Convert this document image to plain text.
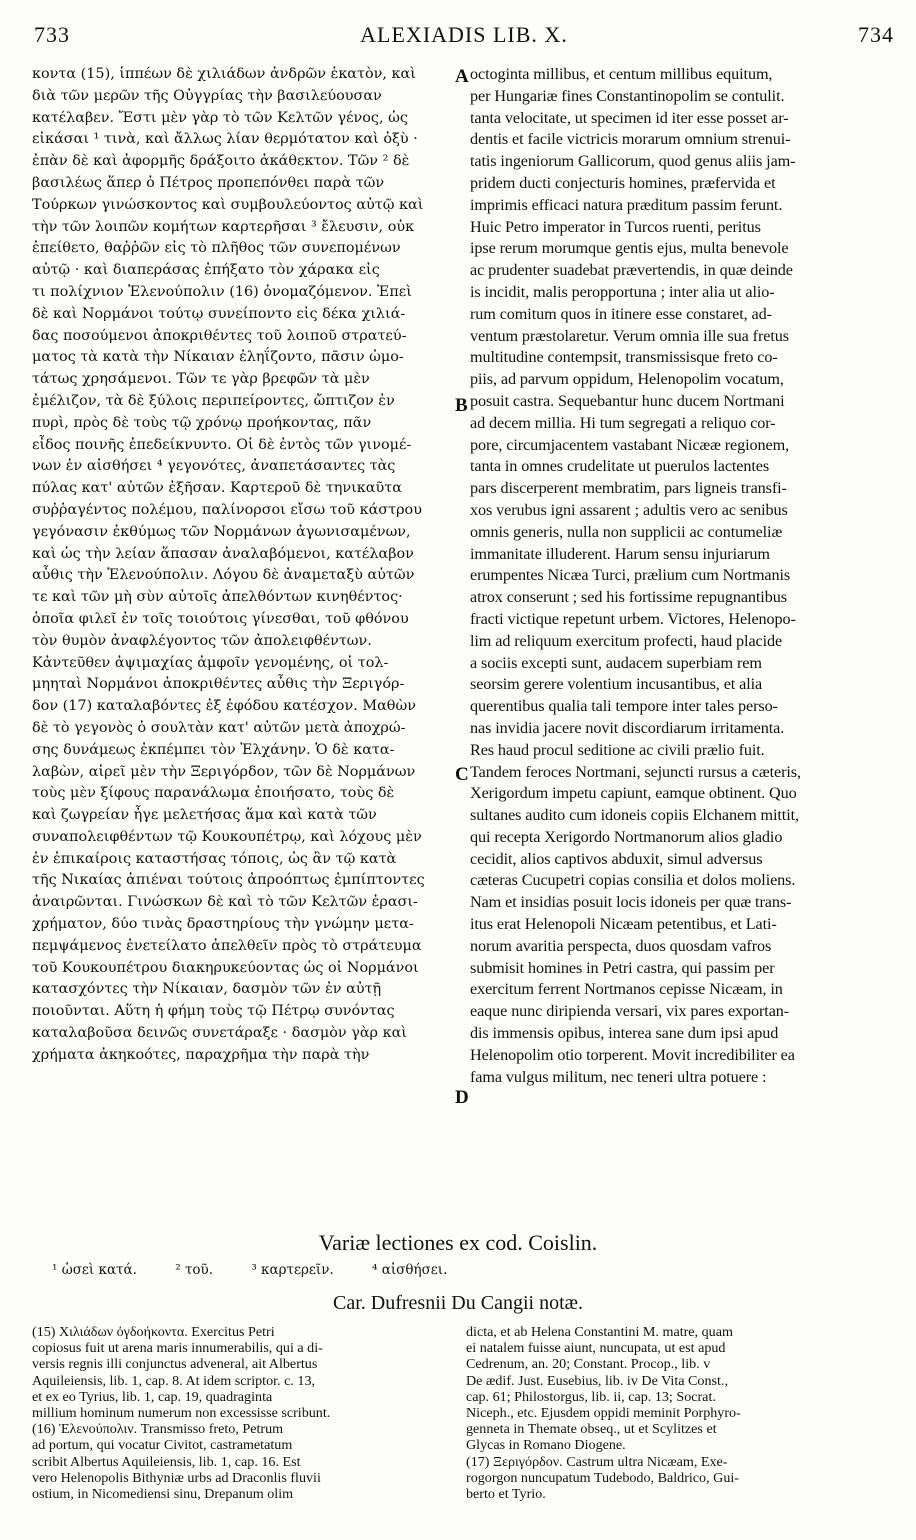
733	ALEXIADIS LIB. X.	734
κοντα (15), ἱππέων δὲ χιλιάδων ἀνδρῶν ἑκατὸν, καὶ
διὰ τῶν μερῶν τῆς Οὐγγρίας τὴν βασιλεύουσαν
κατέλαβεν. Ἔστι μὲν γὰρ τὸ τῶν Κελτῶν γένος, ὡς
εἰκάσαι ¹ τινὰ, καὶ ἄλλως λίαν θερμότατον καὶ ὀξὺ ·
ἐπὰν δὲ καὶ ἀφορμῆς δράξοιτο ἀκάθεκτον. Τῶν ² δὲ
βασιλέως ἅπερ ὁ Πέτρος προπεπόνθει παρὰ τῶν
Τούρκων γινώσκοντος καὶ συμβουλεύοντος αὐτῷ καὶ
τὴν τῶν λοιπῶν κομήτων καρτερῆσαι ³ ἔλευσιν, οὐκ
ἐπείθετο, θαῤῥῶν εἰς τὸ πλῆθος τῶν συνεπομένων
αὐτῷ · καὶ διαπεράσας ἐπήξατο τὸν χάρακα εἰς
τι πολίχνιον Ἑλενούπολιν (16) ὀνομαζόμενον. Ἐπεὶ
δὲ καὶ Νορμάνοι τούτῳ συνείποντο εἰς δέκα χιλιά-
δας ποσούμενοι ἀποκριθέντες τοῦ λοιποῦ στρατεύ-
ματος τὰ κατὰ τὴν Νίκαιαν ἐληΐζοντο, πᾶσιν ὠμο-
τάτως χρησάμενοι. Τῶν τε γὰρ βρεφῶν τὰ μὲν
ἐμέλιζον, τὰ δὲ ξύλοις περιπείροντες, ὤπτιζον ἐν
πυρὶ, πρὸς δὲ τοὺς τῷ χρόνῳ προήκοντας, πᾶν
εἶδος ποινῆς ἐπεδείκνυντο. Οἱ δὲ ἐντὸς τῶν γινομέ-
νων ἐν αἰσθήσει ⁴ γεγονότες, ἀναπετάσαντες τὰς
πύλας κατ' αὐτῶν ἐξῆσαν. Καρτεροῦ δὲ τηνικαῦτα
συῤῥαγέντος πολέμου, παλίνορσοι εἴσω τοῦ κάστρου
γεγόνασιν ἐκθύμως τῶν Νορμάνων ἀγωνισαμένων,
καὶ ὡς τὴν λείαν ἅπασαν ἀναλαβόμενοι, κατέλαβον
αὖθις τὴν Ἑλενούπολιν. Λόγου δὲ ἀναμεταξὺ αὐτῶν
τε καὶ τῶν μὴ σὺν αὐτοῖς ἀπελθόντων κινηθέντος·
ὁποῖα φιλεῖ ἐν τοῖς τοιούτοις γίνεσθαι, τοῦ φθόνου
τὸν θυμὸν ἀναφλέγοντος τῶν ἀπολειφθέντων.
Κἀντεῦθεν ἀψιμαχίας ἀμφοῖν γενομένης, οἱ τολ-
μηηταὶ Νορμάνοι ἀποκριθέντες αὖθις τὴν Ξεριγόρ-
δον (17) καταλαβόντες ἐξ ἐφόδου κατέσχον. Μαθὼν
δὲ τὸ γεγονὸς ὁ σουλτὰν κατ' αὐτῶν μετὰ ἀποχρώ-
σης δυνάμεως ἐκπέμπει τὸν Ἐλχάνην. Ὁ δὲ κατα-
λαβὼν, αἱρεῖ μὲν τὴν Ξεριγόρδον, τῶν δὲ Νορμάνων
τοὺς μὲν ξίφους παρανάλωμα ἐποιήσατο, τοὺς δὲ
καὶ ζωγρείαν ἦγε μελετήσας ἅμα καὶ κατὰ τῶν
συναπολειφθέντων τῷ Κουκουπέτρῳ, καὶ λόχους μὲν
ἐν ἐπικαίροις καταστήσας τόποις, ὡς ἂν τῷ κατὰ
τῆς Νικαίας ἀπιέναι τούτοις ἀπροόπτως ἐμπίπτοντες
ἀναιρῶνται. Γινώσκων δὲ καὶ τὸ τῶν Κελτῶν ἐρασι-
χρήματον, δύο τινὰς δραστηρίους τὴν γνώμην μετα-
πεμψάμενος ἐνετείλατο ἀπελθεῖν πρὸς τὸ στράτευμα
τοῦ Κουκουπέτρου διακηρυκεύοντας ὡς οἱ Νορμάνοι
κατασχόντες τὴν Νίκαιαν, δασμὸν τῶν ἐν αὐτῇ
ποιοῦνται. Αὕτη ἡ φήμη τοὺς τῷ Πέτρῳ συνόντας
καταλαβοῦσα δεινῶς συνετάραξε · δασμὸν γὰρ καὶ
χρήματα ἀκηκοότες, παραχρῆμα τὴν παρὰ τὴν
A
B
C
D
octoginta millibus, et centum millibus equitum,
per Hungariæ fines Constantinopolim se contulit.
tanta velocitate, ut specimen id iter esse posset ar-
dentis et facile victricis morarum omnium strenui-
tatis ingeniorum Gallicorum, quod genus aliis jam-
pridem ducti conjecturis homines, præfervida et
imprimis efficaci natura præditum passim ferunt.
Huic Petro imperator in Turcos ruenti, peritus
ipse rerum morumque gentis ejus, multa benevole
ac prudenter suadebat prævertendis, in quæ deinde
is incidit, malis peropportuna ; inter alia ut alio-
rum comitum quos in itinere esse constaret, ad-
ventum præstolaretur. Verum omnia ille sua fretus
multitudine contempsit, transmissisque freto co-
piis, ad parvum oppidum, Helenopolim vocatum,
posuit castra. Sequebantur hunc ducem Nortmani
ad decem millia. Hi tum segregati a reliquo cor-
pore, circumjacentem vastabant Nicææ regionem,
tanta in omnes crudelitate ut puerulos lactentes
pars discerperent membratim, pars ligneis transfi-
xos verubus igni assarent ; adultis vero ac senibus
omnis generis, nulla non supplicii ac contumeliæ
immanitate illuderent. Harum sensu injuriarum
erumpentes Nicæa Turci, prælium cum Nortmanis
atrox conserunt ; sed his fortissime repugnantibus
fracti victique repetunt urbem. Victores, Helenopo-
lim ad reliquum exercitum profecti, haud placide
a sociis excepti sunt, audacem superbiam rem
seorsim gerere volentium incusantibus, et alia
querentibus qualia tali tempore inter tales perso-
nas invidia jacere novit discordiarum irritamenta.
Res haud procul seditione ac civili prælio fuit.
Tandem feroces Nortmani, sejuncti rursus a cæteris,
Xerigordum impetu capiunt, eamque obtinent. Quo
sultanes audito cum idoneis copiis Elchanem mittit,
qui recepta Xerigordo Nortmanorum alios gladio
cecidit, alios captivos abduxit, simul adversus
cæteras Cucupetri copias consilia et dolos moliens.
Nam et insidias posuit locis idoneis per quæ trans-
itus erat Helenopoli Nicæam petentibus, et Lati-
norum avaritia perspecta, duos quosdam vafros
submisit homines in Petri castra, qui passim per
exercitum ferrent Nortmanos cepisse Nicæam, in
eaque nunc diripienda versari, vix pares exportan-
dis immensis opibus, interea sane dum ipsi apud
Helenopolim otio torperent. Movit incredibiliter ea
fama vulgus militum, nec teneri ultra potuere :
Variæ lectiones ex cod. Coislin.
¹ ὡσεὶ κατά.	² τοῦ.	³ καρτερεῖν.	⁴ αἰσθήσει.
Car. Dufresnii Du Cangii notæ.
(15) Χιλιάδων ὀγδοήκοντα. Exercitus Petri
copiosus fuit ut arena maris innumerabilis, qui a di-
versis regnis illi conjunctus adveneral, ait Albertus
Aquileiensis, lib. 1, cap. 8. At idem scriptor. c. 13,
et ex eo Tyrius, lib. 1, cap. 19, quadraginta
millium hominum numerum non excessisse scribunt.
(16) Ἑλενούπολιν. Transmisso freto, Petrum
ad portum, qui vocatur Civitot, castrametatum
scribit Albertus Aquileiensis, lib. 1, cap. 16. Est
vero Helenopolis Bithyniæ urbs ad Draconlis fluvii
ostium, in Nicomediensi sinu, Drepanum olim
dicta, et ab Helena Constantini M. matre, quam
ei natalem fuisse aiunt, nuncupata, ut est apud
Cedrenum, an. 20; Constant. Procop., lib. v
De ædif. Just. Eusebius, lib. iv De Vita Const.,
cap. 61; Philostorgus, lib. ii, cap. 13; Socrat.
Niceph., etc. Ejusdem oppidi meminit Porphyro-
gennetа in Themate obseq., ut et Scylitzes et
Glycas in Romano Diogene.
(17) Ξεριγόρδον. Castrum ultra Nicæam, Exe-
rogorgon nuncupatum Tudebodo, Baldrico, Gui-
berto et Tyrio.
